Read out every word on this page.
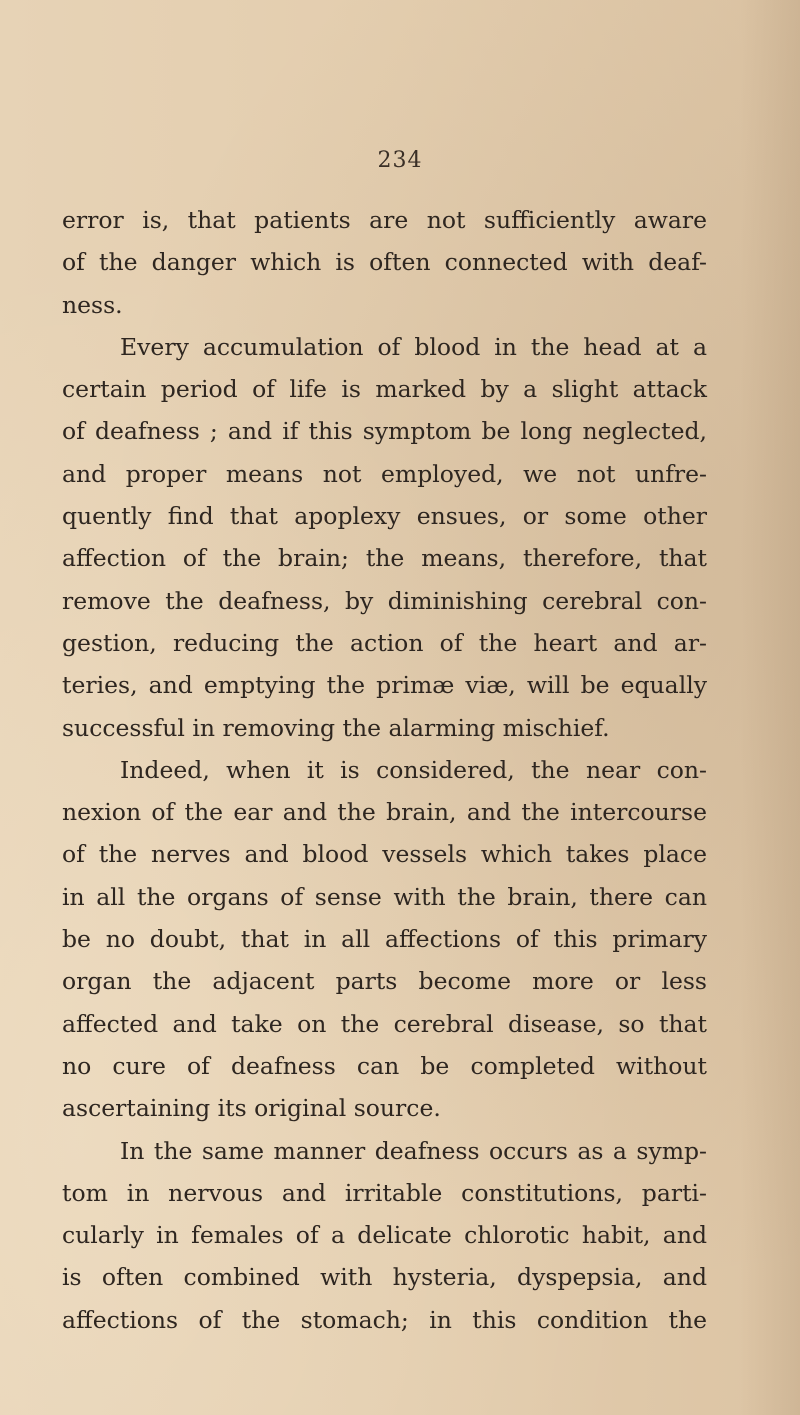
234

error is, that patients are not sufficiently aware
of the danger which is often connected with deaf-
ness.

Every accumulation of blood in the head at a
certain period of life is marked by a slight attack
of deafness ; and if this symptom be long neglected,
and proper means not employed, we not unfre-
quently find that apoplexy ensues, or some other
affection of the brain; the means, therefore, that
remove the deafness, by diminishing cerebral con-
gestion, reducing the action of the heart and ar-
teries, and emptying the primæ viæ, will be equally
successful in removing the alarming mischief.

Indeed, when it is considered, the near con-
nexion of the ear and the brain, and the intercourse
of the nerves and blood vessels which takes place
in all the organs of sense with the brain, there can
be no doubt, that in all affections of this primary
organ the adjacent parts become more or less
affected and take on the cerebral disease, so that
no cure of deafness can be completed without
ascertaining its original source.

In the same manner deafness occurs as a symp-
tom in nervous and irritable constitutions, parti-
cularly in females of a delicate chlorotic habit, and
is often combined with hysteria, dyspepsia, and
affections of the stomach; in this condition the
